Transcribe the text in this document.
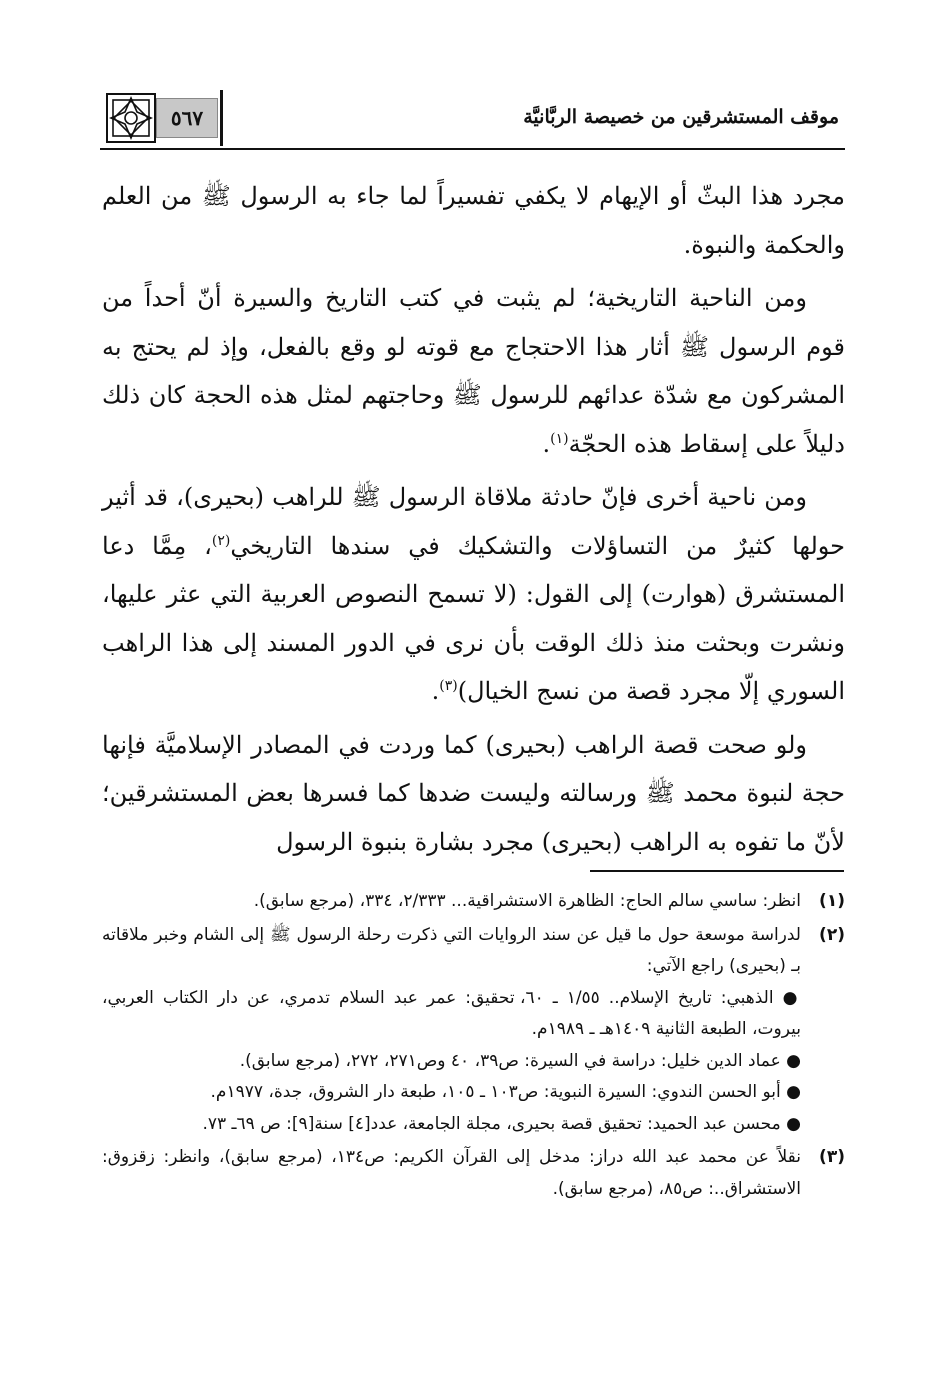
موقف المستشرقين من خصيصة الربَّانيَّة
٥٦٧

مجرد هذا البثّ أو الإيهام لا يكفي تفسيراً لما جاء به الرسول ﷺ من العلم والحكمة والنبوة.

ومن الناحية التاريخية؛ لم يثبت في كتب التاريخ والسيرة أنّ أحداً من قوم الرسول ﷺ أثار هذا الاحتجاج مع قوته لو وقع بالفعل، وإذ لم يحتج به المشركون مع شدّة عدائهم للرسول ﷺ وحاجتهم لمثل هذه الحجة كان ذلك دليلاً على إسقاط هذه الحجّة$^{(١)}$.

ومن ناحية أخرى فإنّ حادثة ملاقاة الرسول ﷺ للراهب (بحيرى)، قد أثير حولها كثيرٌ من التساؤلات والتشكيك في سندها التاريخي$^{(٢)}$، مِمَّا دعا المستشرق (هوارت) إلى القول: (لا تسمح النصوص العربية التي عثر عليها، ونشرت وبحثت منذ ذلك الوقت بأن نرى في الدور المسند إلى هذا الراهب السوري إلّا مجرد قصة من نسج الخيال)$^{(٣)}$.

ولو صحت قصة الراهب (بحيرى) كما وردت في المصادر الإسلاميَّة فإنها حجة لنبوة محمد ﷺ ورسالته وليست ضدها كما فسرها بعض المستشرقين؛ لأنّ ما تفوه به الراهب (بحيرى) مجرد بشارة بنبوة الرسول

(١)

انظر: ساسي سالم الحاج: الظاهرة الاستشراقية... ٢/٣٣٣، ٣٣٤، (مرجع سابق).

(٢)

لدراسة موسعة حول ما قيل عن سند الروايات التي ذكرت رحلة الرسول ﷺ إلى الشام وخبر ملاقاته بـ (بحيرى) راجع الآتي:

● الذهبي: تاريخ الإسلام.. ١/٥٥ ـ ٦٠، تحقيق: عمر عبد السلام تدمري، عن دار الكتاب العربي، بيروت، الطبعة الثانية ١٤٠٩هـ ـ ١٩٨٩م.

● عماد الدين خليل: دراسة في السيرة: ص٣٩، ٤٠ وص٢٧١، ٢٧٢، (مرجع سابق).

● أبو الحسن الندوي: السيرة النبوية: ص١٠٣ ـ ١٠٥، طبعة دار الشروق، جدة، ١٩٧٧م.

● محسن عبد الحميد: تحقيق قصة بحيرى، مجلة الجامعة، عدد[٤] سنة[٩]: ص ٦٩ـ ٧٣.

(٣)

نقلاً عن محمد عبد الله دراز: مدخل إلى القرآن الكريم: ص١٣٤، (مرجع سابق)، وانظر: زقزوق: الاستشراق..: ص٨٥، (مرجع سابق).
